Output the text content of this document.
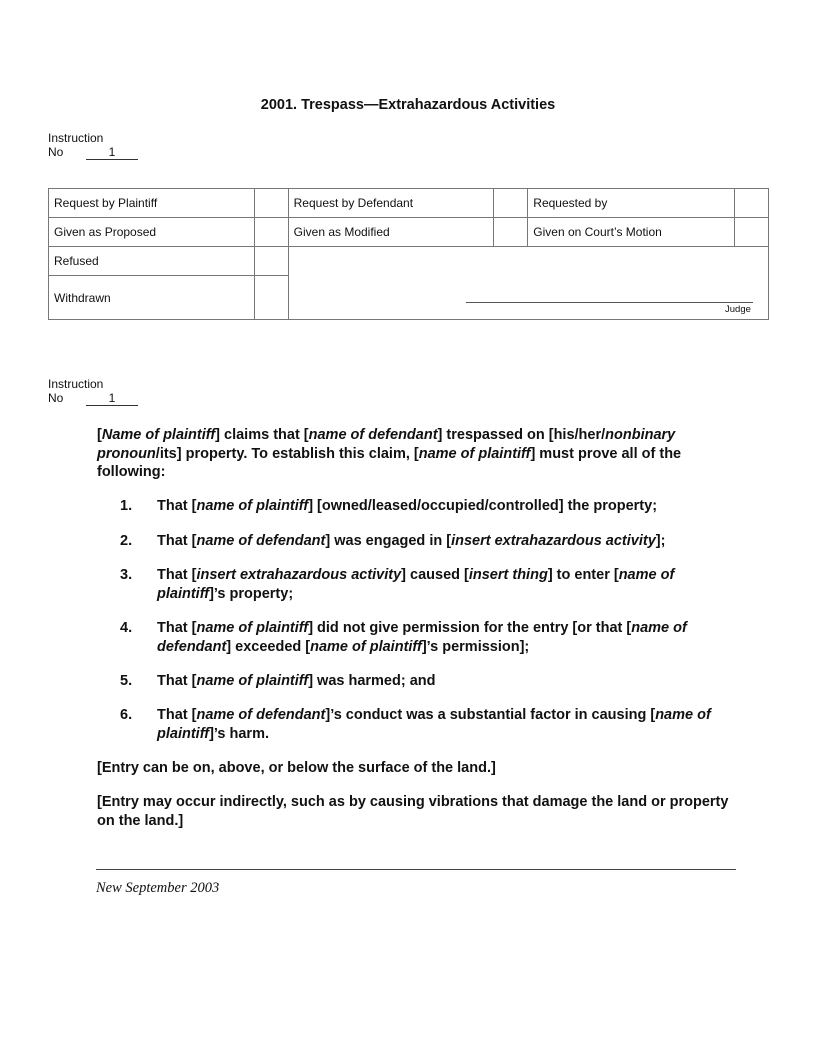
2001. Trespass—Extrahazardous Activities
Instruction
No	1
Request by Plaintiff		Request by Defendant		Requested by	
Given as Proposed		Given as Modified		Given on Court’s Motion	
Refused					
Withdrawn					
Judge
Instruction
No	1

[Name of plaintiff] claims that [name of defendant] trespassed on [his/her/nonbinary pronoun/its] property. To establish this claim, [name of plaintiff] must prove all of the following:

1. That [name of plaintiff] [owned/leased/occupied/controlled] the property;
2. That [name of defendant] was engaged in [insert extrahazardous activity];
3. That [insert extrahazardous activity] caused [insert thing] to enter [name of plaintiff]’s property;
4. That [name of plaintiff] did not give permission for the entry [or that [name of defendant] exceeded [name of plaintiff]’s permission];
5. That [name of plaintiff] was harmed; and
6. That [name of defendant]’s conduct was a substantial factor in causing [name of plaintiff]’s harm.
[Entry can be on, above, or below the surface of the land.]
[Entry may occur indirectly, such as by causing vibrations that damage the land or property on the land.]
New September 2003
